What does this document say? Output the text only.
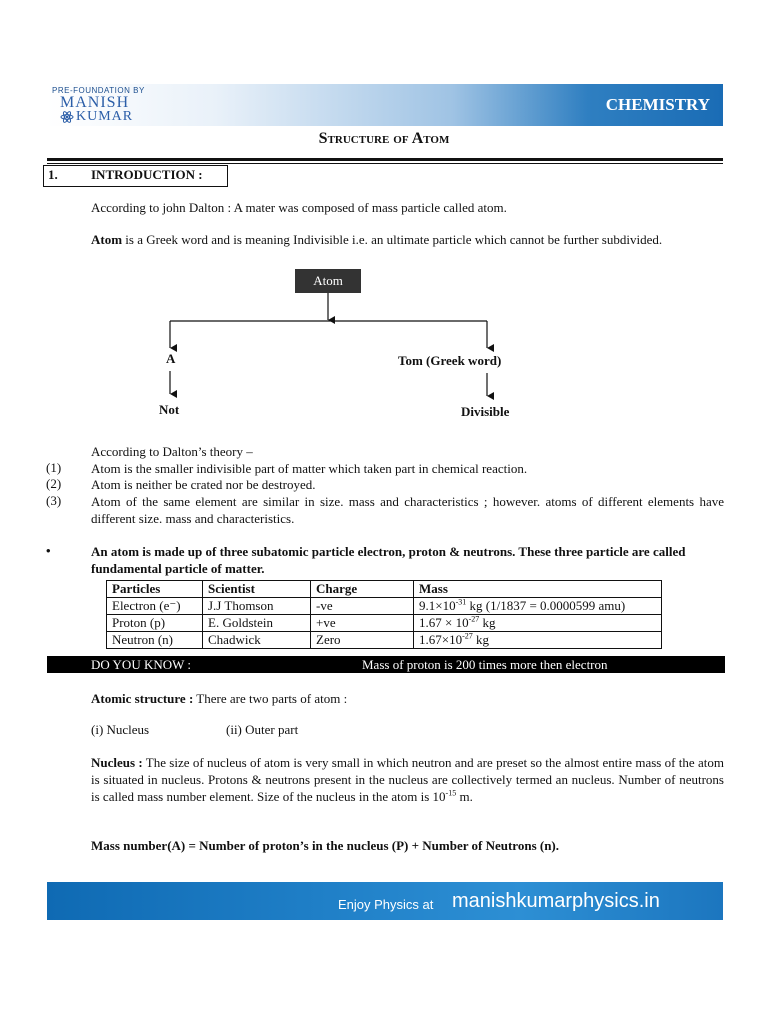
PRE-FOUNDATION BY
MANISH
KUMAR
CHEMISTRY
Structure of Atom
1.	INTRODUCTION :
According to john Dalton : A mater was composed of mass particle called atom.
Atom is a Greek word and is meaning Indivisible i.e. an ultimate particle which cannot be further subdivided.
Atom
A	Tom (Greek word)
Not	Divisible
According to Dalton’s theory –
(1) Atom is the smaller indivisible part of matter which taken part in chemical reaction.
(2) Atom is neither be crated nor be destroyed.
(3) Atom of the same element are similar in size. mass and characteristics ; however. atoms of different elements have different size. mass and characteristics.
•	An atom is made up of three subatomic particle electron, proton & neutrons. These three particle are called fundamental particle of matter.
Particles	Scientist	Charge	Mass
Electron (e⁻)	J.J Thomson	-ve	$9.1\times 10^{-31}$ kg (1/1837 = 0.0000599 amu)
Proton (p)	E. Goldstein	+ve	$1.67 \times 10^{-27}$ kg
Neutron (n)	Chadwick	Zero	$1.67\times 10^{-27}$ kg
DO YOU KNOW :	Mass of proton is 200 times more then electron
Atomic structure : There are two parts of atom :
(i) Nucleus	(ii) Outer part
Nucleus : The size of nucleus of atom is very small in which neutron and are preset so the almost entire mass of the atom is situated in nucleus. Protons & neutrons present in the nucleus are collectively termed an nucleus. Number of neutrons is called mass number element. Size of the nucleus in the atom is $10^{-15}$ m.
Mass number(A) = Number of proton’s in the nucleus (P) + Number of Neutrons (n).
Enjoy Physics at manishkumarphysics.in
